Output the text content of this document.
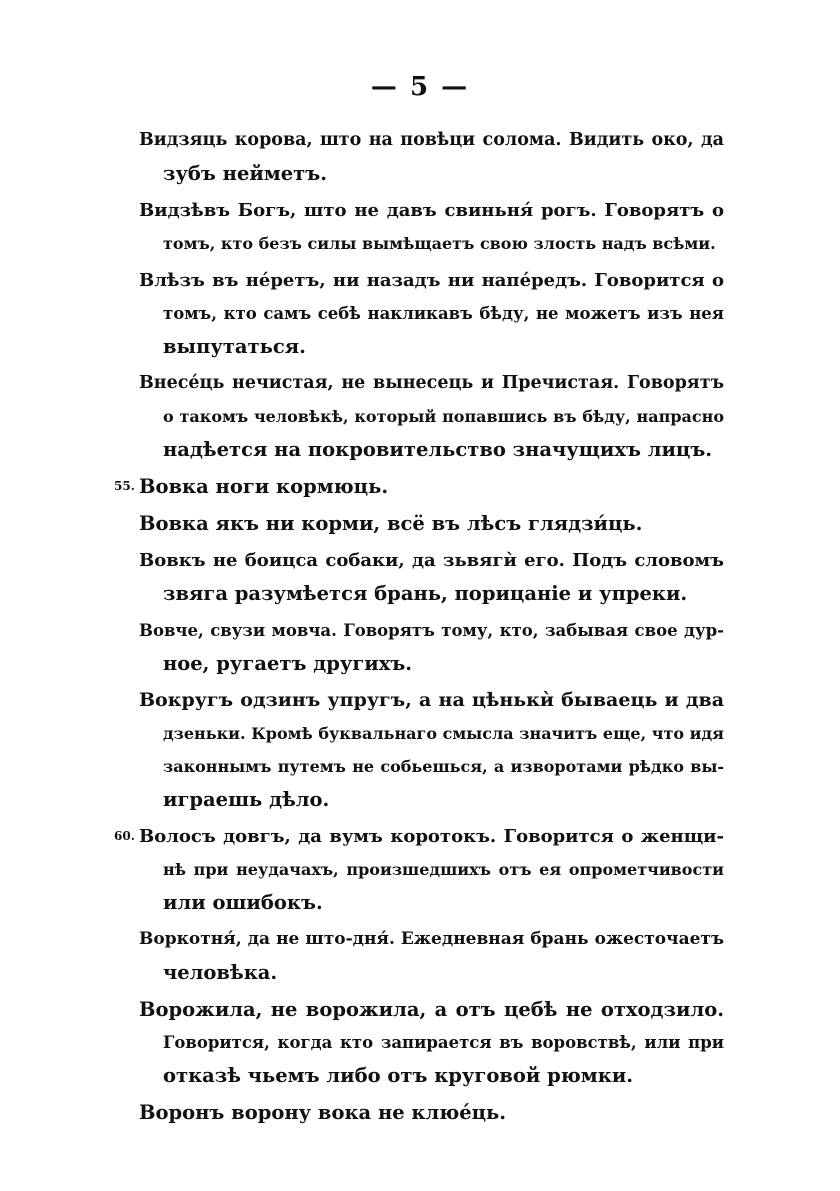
— 5 —
Видзяць корова, што на повѣци солома. Видить око, да
зубъ нейметъ.
Видзѣвъ Богъ, што не давъ свиньня́ рогъ. Говорятъ о
томъ, кто безъ силы вымѣщаетъ свою злость надъ всѣми.
Влѣзъ въ нéретъ, ни назадъ ни напéредъ. Говорится о
томъ, кто самъ себѣ накликавъ бѣду, не можетъ изъ нея
выпутаться.
Внесéць нечистая, не вынесець и Пречистая. Говорятъ
о такомъ человѣкѣ, который попавшись въ бѣду, напрасно
надѣется на покровительство значущихъ лицъ.
55. Вовка ноги кормюць.
Вовка якъ ни корми, всё въ лѣсъ глядзи́ць.
Вовкъ не боицса собаки, да зьвягѝ его. Подъ словомъ
звяга разумѣется брань, порицаніе и упреки.
Вовче, свузи мовча. Говорятъ тому, кто, забывая свое дур-
ное, ругаетъ другихъ.
Вокругъ одзинъ упругъ, а на цѣнькѝ бываець и два
дзеньки. Кромѣ буквальнаго смысла значитъ еще, что идя
законнымъ путемъ не собьешься, а изворотами рѣдко вы-
играешь дѣло.
60. Волосъ довгъ, да вумъ коротокъ. Говорится о женщи-
нѣ при неудачахъ, произшедшихъ отъ ея опрометчивости
или ошибокъ.
Воркотня́, да не што-дня́. Ежедневная брань ожесточаетъ
человѣка.
Ворожила, не ворожила, а отъ цебѣ не отходзило.
Говорится, когда кто запирается въ воровствѣ, или при
отказѣ чьемъ либо отъ круговой рюмки.
Воронъ ворону вока не клюéць.
